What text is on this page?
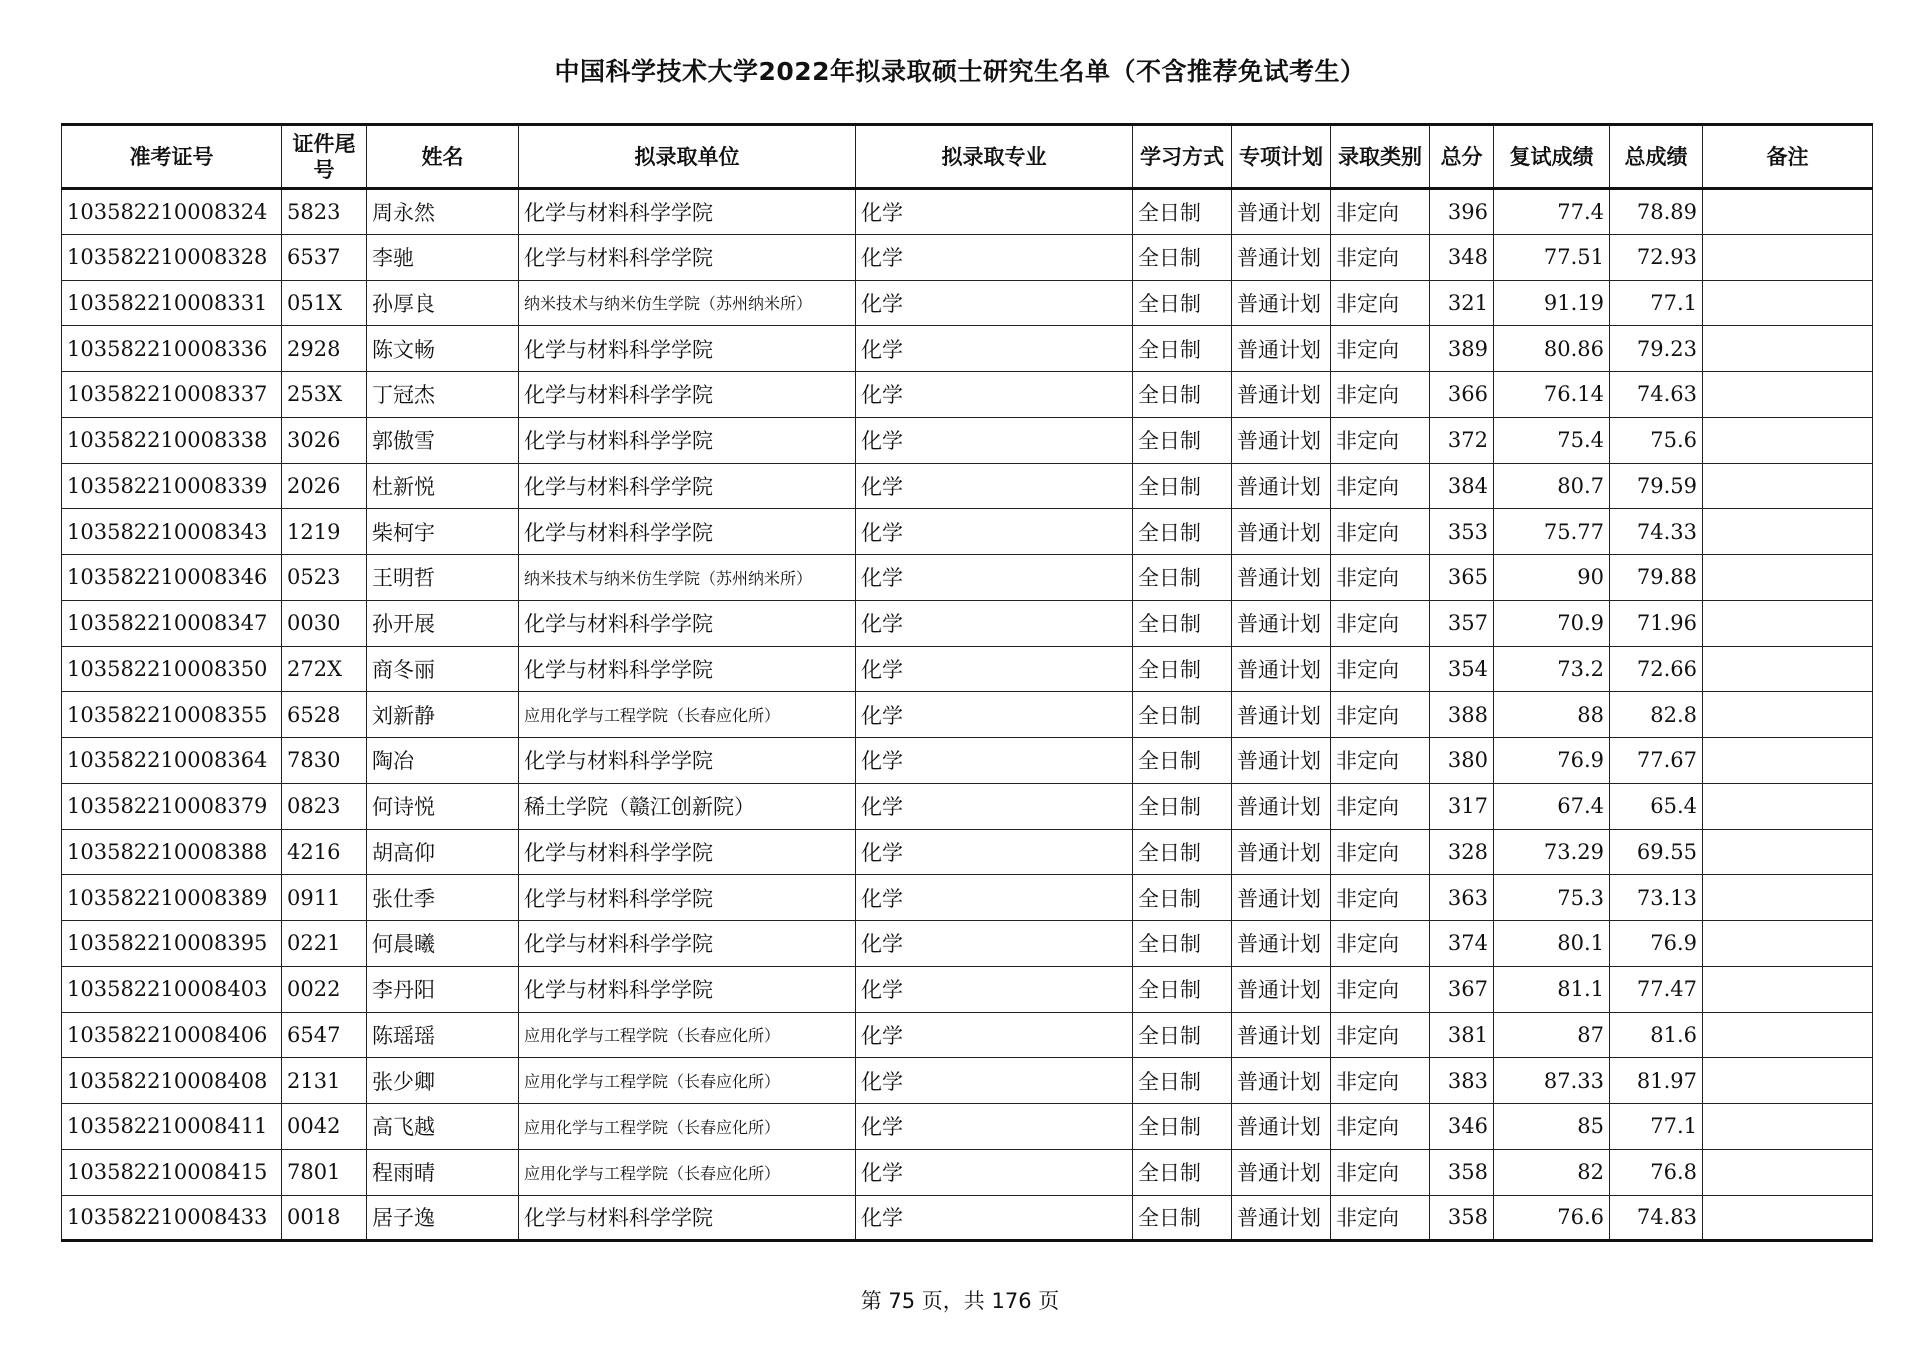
中国科学技术大学2022年拟录取硕士研究生名单（不含推荐免试考生）
准考证号	证件尾号	姓名	拟录取单位	拟录取专业	学习方式	专项计划	录取类别	总分	复试成绩	总成绩	备注
103582210008324	5823	周永然	化学与材料科学学院	化学	全日制	普通计划	非定向	396	77.4	78.89	
103582210008328	6537	李驰	化学与材料科学学院	化学	全日制	普通计划	非定向	348	77.51	72.93	
103582210008331	051X	孙厚良	纳米技术与纳米仿生学院（苏州纳米所）	化学	全日制	普通计划	非定向	321	91.19	77.1	
103582210008336	2928	陈文畅	化学与材料科学学院	化学	全日制	普通计划	非定向	389	80.86	79.23	
103582210008337	253X	丁冠杰	化学与材料科学学院	化学	全日制	普通计划	非定向	366	76.14	74.63	
103582210008338	3026	郭傲雪	化学与材料科学学院	化学	全日制	普通计划	非定向	372	75.4	75.6	
103582210008339	2026	杜新悦	化学与材料科学学院	化学	全日制	普通计划	非定向	384	80.7	79.59	
103582210008343	1219	柴柯宇	化学与材料科学学院	化学	全日制	普通计划	非定向	353	75.77	74.33	
103582210008346	0523	王明哲	纳米技术与纳米仿生学院（苏州纳米所）	化学	全日制	普通计划	非定向	365	90	79.88	
103582210008347	0030	孙开展	化学与材料科学学院	化学	全日制	普通计划	非定向	357	70.9	71.96	
103582210008350	272X	商冬丽	化学与材料科学学院	化学	全日制	普通计划	非定向	354	73.2	72.66	
103582210008355	6528	刘新静	应用化学与工程学院（长春应化所）	化学	全日制	普通计划	非定向	388	88	82.8	
103582210008364	7830	陶冶	化学与材料科学学院	化学	全日制	普通计划	非定向	380	76.9	77.67	
103582210008379	0823	何诗悦	稀土学院（赣江创新院）	化学	全日制	普通计划	非定向	317	67.4	65.4	
103582210008388	4216	胡高仰	化学与材料科学学院	化学	全日制	普通计划	非定向	328	73.29	69.55	
103582210008389	0911	张仕季	化学与材料科学学院	化学	全日制	普通计划	非定向	363	75.3	73.13	
103582210008395	0221	何晨曦	化学与材料科学学院	化学	全日制	普通计划	非定向	374	80.1	76.9	
103582210008403	0022	李丹阳	化学与材料科学学院	化学	全日制	普通计划	非定向	367	81.1	77.47	
103582210008406	6547	陈瑶瑶	应用化学与工程学院（长春应化所）	化学	全日制	普通计划	非定向	381	87	81.6	
103582210008408	2131	张少卿	应用化学与工程学院（长春应化所）	化学	全日制	普通计划	非定向	383	87.33	81.97	
103582210008411	0042	高飞越	应用化学与工程学院（长春应化所）	化学	全日制	普通计划	非定向	346	85	77.1	
103582210008415	7801	程雨晴	应用化学与工程学院（长春应化所）	化学	全日制	普通计划	非定向	358	82	76.8	
103582210008433	0018	居子逸	化学与材料科学学院	化学	全日制	普通计划	非定向	358	76.6	74.83	
第 75 页，共 176 页
